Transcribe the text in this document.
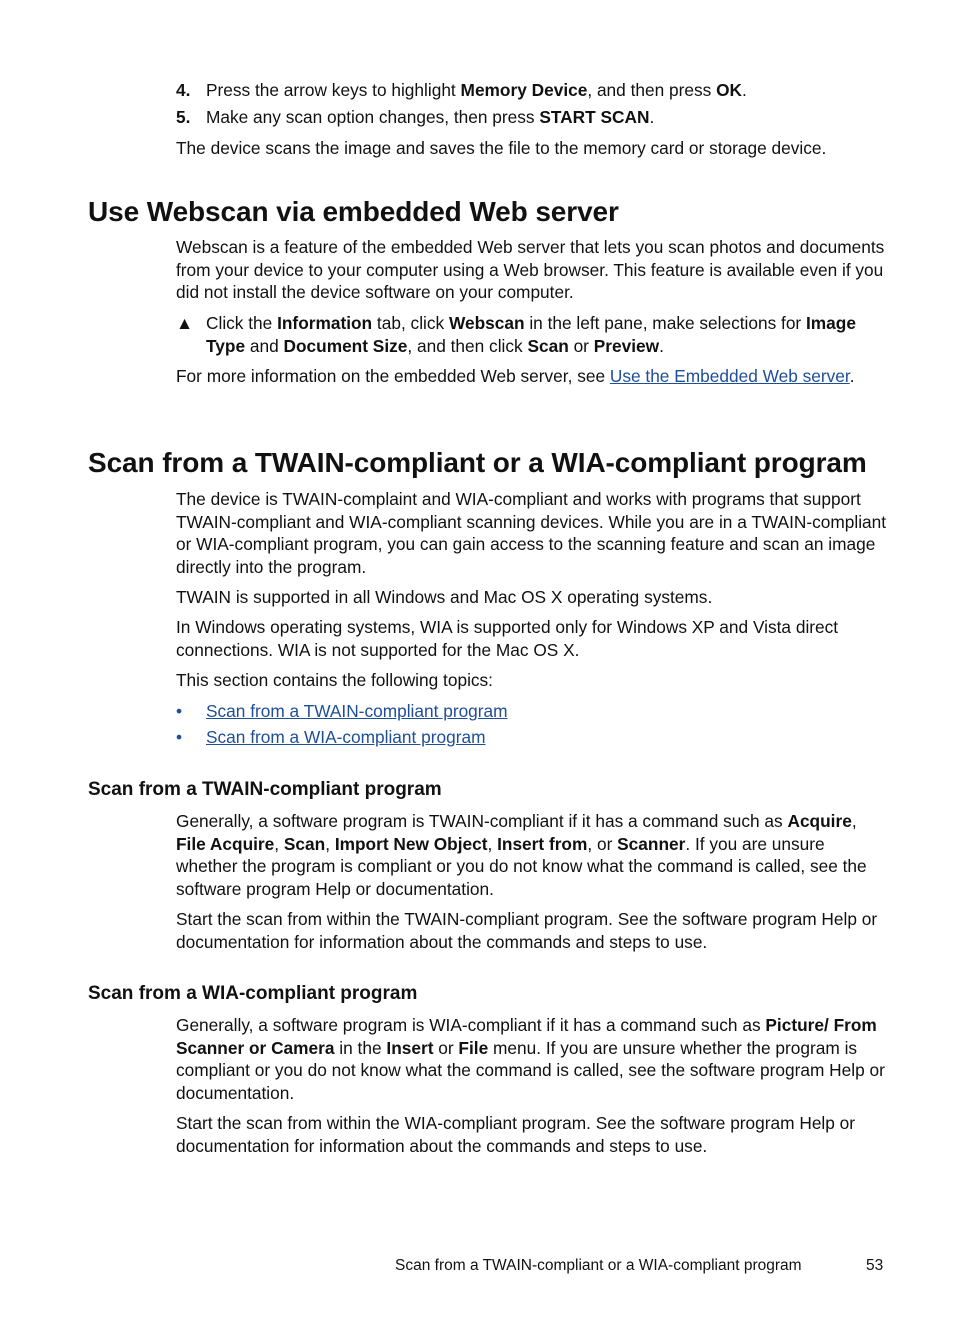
4. Press the arrow keys to highlight Memory Device, and then press OK.
5. Make any scan option changes, then press START SCAN.
The device scans the image and saves the file to the memory card or storage device.
Use Webscan via embedded Web server
Webscan is a feature of the embedded Web server that lets you scan photos and documents from your device to your computer using a Web browser. This feature is available even if you did not install the device software on your computer.
▲ Click the Information tab, click Webscan in the left pane, make selections for Image Type and Document Size, and then click Scan or Preview.
For more information on the embedded Web server, see Use the Embedded Web server.
Scan from a TWAIN-compliant or a WIA-compliant program
The device is TWAIN-complaint and WIA-compliant and works with programs that support TWAIN-compliant and WIA-compliant scanning devices. While you are in a TWAIN-compliant or WIA-compliant program, you can gain access to the scanning feature and scan an image directly into the program.
TWAIN is supported in all Windows and Mac OS X operating systems.
In Windows operating systems, WIA is supported only for Windows XP and Vista direct connections. WIA is not supported for the Mac OS X.
This section contains the following topics:
• Scan from a TWAIN-compliant program
• Scan from a WIA-compliant program
Scan from a TWAIN-compliant program
Generally, a software program is TWAIN-compliant if it has a command such as Acquire, File Acquire, Scan, Import New Object, Insert from, or Scanner. If you are unsure whether the program is compliant or you do not know what the command is called, see the software program Help or documentation.
Start the scan from within the TWAIN-compliant program. See the software program Help or documentation for information about the commands and steps to use.
Scan from a WIA-compliant program
Generally, a software program is WIA-compliant if it has a command such as Picture/ From Scanner or Camera in the Insert or File menu. If you are unsure whether the program is compliant or you do not know what the command is called, see the software program Help or documentation.
Start the scan from within the WIA-compliant program. See the software program Help or documentation for information about the commands and steps to use.
Scan from a TWAIN-compliant or a WIA-compliant program	53
